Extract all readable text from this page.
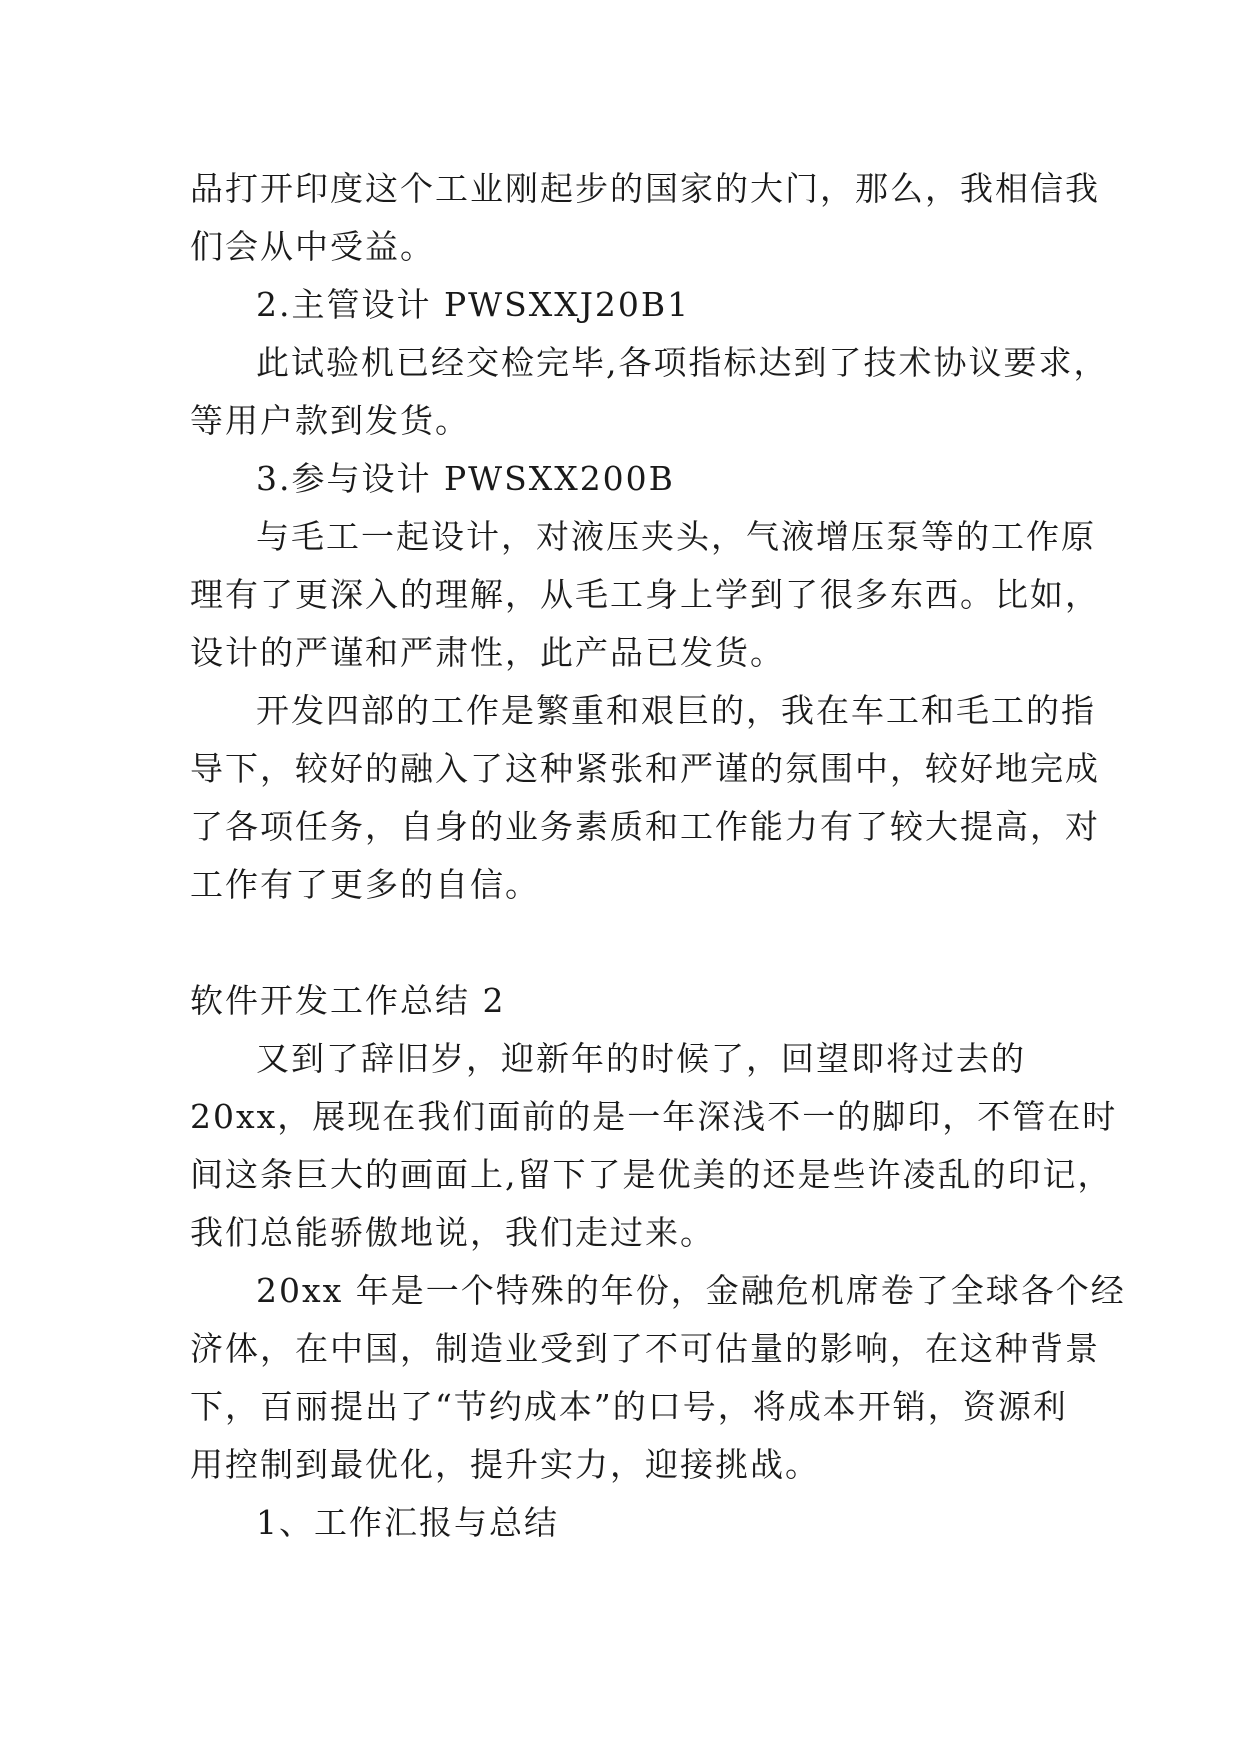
品打开印度这个工业刚起步的国家的大门，那么，我相信我
们会从中受益。
2.主管设计 PWSXXJ20B1
此试验机已经交检完毕,各项指标达到了技术协议要求，
等用户款到发货。
3.参与设计 PWSXX200B
与毛工一起设计，对液压夹头，气液增压泵等的工作原
理有了更深入的理解，从毛工身上学到了很多东西。比如，
设计的严谨和严肃性，此产品已发货。
开发四部的工作是繁重和艰巨的，我在车工和毛工的指
导下，较好的融入了这种紧张和严谨的氛围中，较好地完成
了各项任务，自身的业务素质和工作能力有了较大提高，对
工作有了更多的自信。
软件开发工作总结 2
又到了辞旧岁，迎新年的时候了，回望即将过去的
20xx，展现在我们面前的是一年深浅不一的脚印，不管在时
间这条巨大的画面上,留下了是优美的还是些许凌乱的印记，
我们总能骄傲地说，我们走过来。
20xx 年是一个特殊的年份，金融危机席卷了全球各个经
济体，在中国，制造业受到了不可估量的影响，在这种背景
下，百丽提出了“节约成本”的口号，将成本开销，资源利
用控制到最优化，提升实力，迎接挑战。
1、工作汇报与总结
